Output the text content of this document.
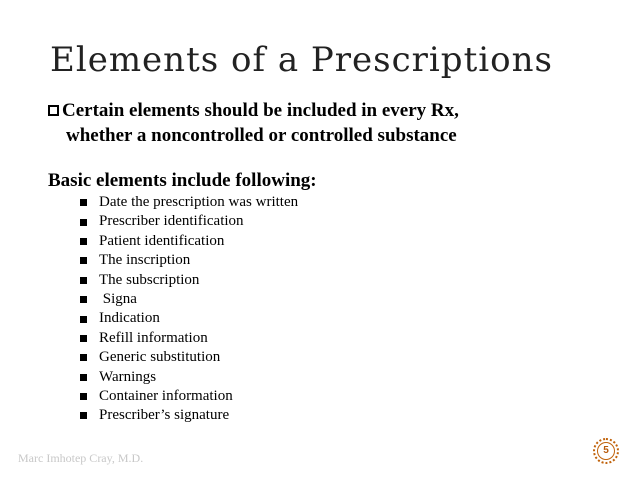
Elements of a Prescriptions
Certain elements should be included in every Rx,
whether a noncontrolled or controlled substance
Basic elements include following:
Date the prescription was written
Prescriber identification
Patient identification
The inscription
The subscription
Signa
Indication
Refill information
Generic substitution
Warnings
Container information
Prescriber’s signature
Marc Imhotep Cray, M.D.
5
